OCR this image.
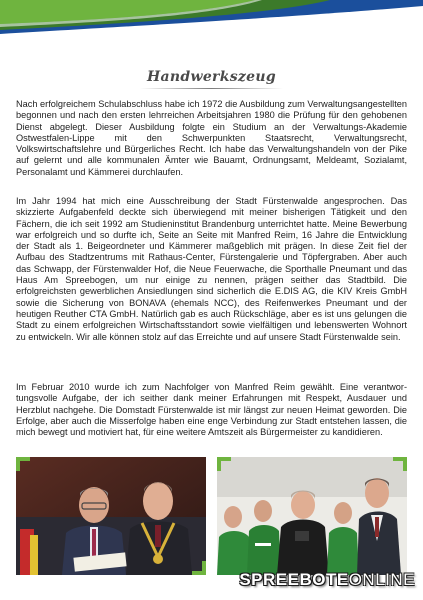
Handwerkszeug

Nach erfolgreichem Schulabschluss habe ich 1972 die Ausbildung zum Verwaltungsangestellten begonnen und nach den ersten lehrreichen Arbeitsjahren 1980 die Prüfung für den gehobenen Dienst abgelegt. Dieser Ausbildung folgte ein Studium an der Verwaltungs-Akademie Ostwestfalen-Lippe mit den Schwerpunkten Staatsrecht, Verwaltungsrecht, Volkswirtschaftslehre und Bürgerliches Recht. Ich habe das Verwaltungshandeln von der Pike auf gelernt und alle kommunalen Ämter wie Bauamt, Ordnungsamt, Meldeamt, Sozialamt, Personalamt und Kämmerei durchlaufen.

Im Jahr 1994 hat mich eine Ausschreibung der Stadt Fürstenwalde angesprochen. Das skizzierte Aufgabenfeld deckte sich überwiegend mit meiner bisherigen Tätigkeit und den Fächern, die ich seit 1992 am Studieninstitut Brandenburg unterrichtet hatte. Meine Bewerbung war erfolgreich und so durfte ich, Seite an Seite mit Manfred Reim, 16 Jahre die Entwicklung der Stadt als 1. Beigeordneter und Kämmerer maßgeblich mit prägen. In diese Zeit fiel der Aufbau des Stadtzentrums mit Rathaus-Center, Fürstengalerie und Töpfergraben. Aber auch das Schwapp, der Fürstenwalder Hof, die Neue Feuerwache, die Sporthalle Pneumant und das Haus Am Spreebogen, um nur einige zu nennen, prägen seither das Stadtbild. Die erfolgreichsten gewerblichen Ansiedlungen sind sicherlich die E.DIS AG, die KIV Kreis GmbH sowie die Sicherung von BONAVA (ehemals NCC), des Reifenwerkes Pneumant und der heutigen Reuther CTA GmbH. Natürlich gab es auch Rückschläge, aber es ist uns gelungen die Stadt zu einem erfolgreichen Wirtschaftsstandort sowie vielfältigen und lebenswerten Wohnort zu entwickeln. Wir alle können stolz auf das Erreichte und auf unsere Stadt Fürstenwalde sein.

Im Februar 2010 wurde ich zum Nachfolger von Manfred Reim gewählt. Eine verantwortungsvolle Aufgabe, der ich seither dank meiner Erfahrungen mit Respekt, Ausdauer und Herzblut nachgehe. Die Domstadt Fürstenwalde ist mir längst zur neuen Heimat geworden. Die Erfolge, aber auch die Misserfolge haben eine enge Verbindung zur Stadt entstehen lassen, die mich bewegt und motiviert hat, für eine weitere Amtszeit als Bürgermeister zu kandidieren.

SPREEBOTEONLINE
